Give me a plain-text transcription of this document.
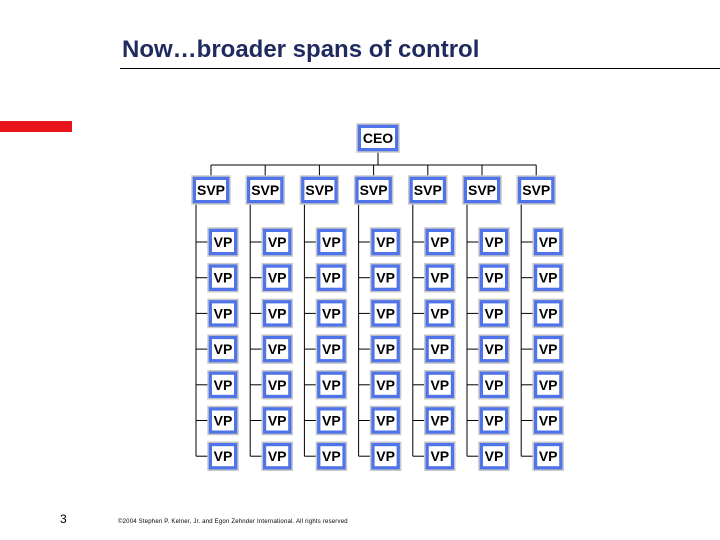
Now…broader spans of control
CEO
SVP
VP
VP
VP
VP
VP
VP
VP
SVP
VP
VP
VP
VP
VP
VP
VP
SVP
VP
VP
VP
VP
VP
VP
VP
SVP
VP
VP
VP
VP
VP
VP
VP
SVP
VP
VP
VP
VP
VP
VP
VP
SVP
VP
VP
VP
VP
VP
VP
VP
SVP
VP
VP
VP
VP
VP
VP
VP
3	©2004 Stephen P. Kelner, Jr. and Egon Zehnder International. All rights reserved
